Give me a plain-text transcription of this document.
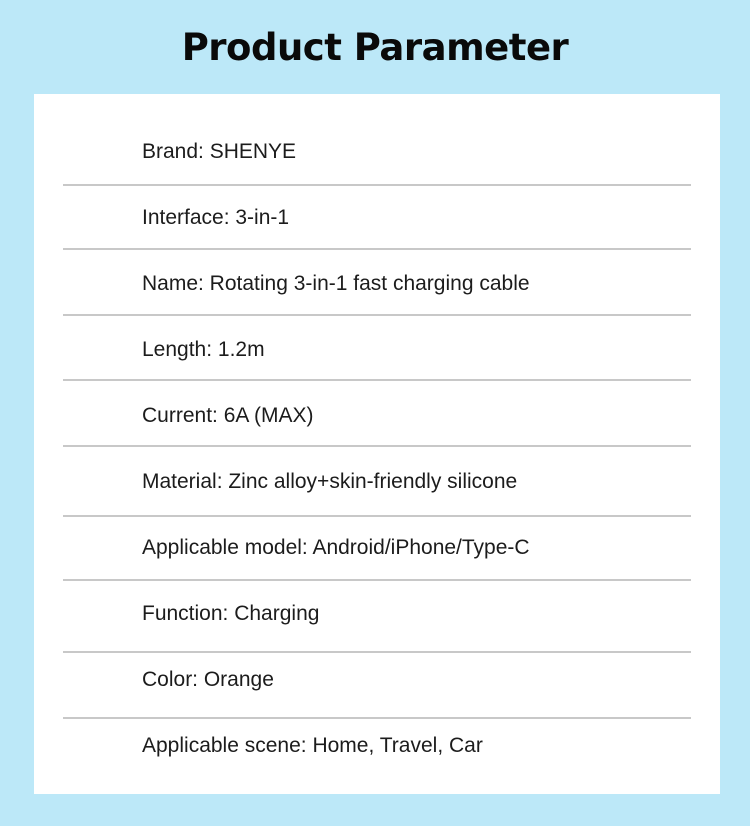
Product Parameter
Brand: SHENYE
Interface: 3-in-1
Name: Rotating 3-in-1 fast charging cable
Length: 1.2m
Current: 6A (MAX)
Material: Zinc alloy+skin-friendly silicone
Applicable model: Android/iPhone/Type-C
Function: Charging
Color: Orange
Applicable scene: Home, Travel, Car
